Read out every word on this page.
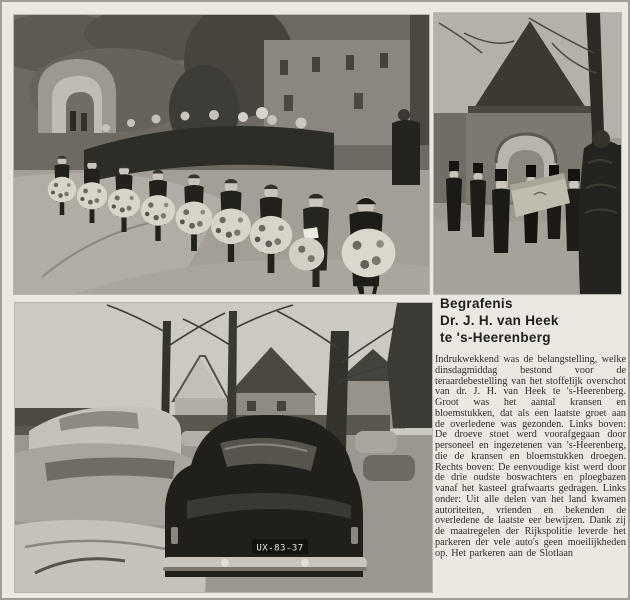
UX-83-37
Begrafenis
Dr. J. H. van Heek
te 's-Heerenberg

Indrukwekkend was de belangstelling, welke dinsdagmiddag bestond voor de teraardebestelling van het stoffelijk overschot van dr. J. H. van Heek te 's-Heerenberg. Groot was het aantal kransen en bloemstukken, dat als een laatste groet aan de overledene was gezonden. Links boven: De droeve stoet werd voorafgegaan door personeel en ingezetenen van 's-Heerenberg, die de kransen en bloemstukken droegen. Rechts boven: De eenvoudige kist werd door de drie oudste boswachters en ploegbazen vanaf het kasteel grafwaarts gedragen. Links onder: Uit alle delen van het land kwamen autoriteiten, vrienden en bekenden de overledene de laatste eer bewijzen. Dank zij de maatregelen der Rijkspolitie leverde het parkeren der vele auto's geen moeilijkheden op. Het parkeren aan de Slotlaan
